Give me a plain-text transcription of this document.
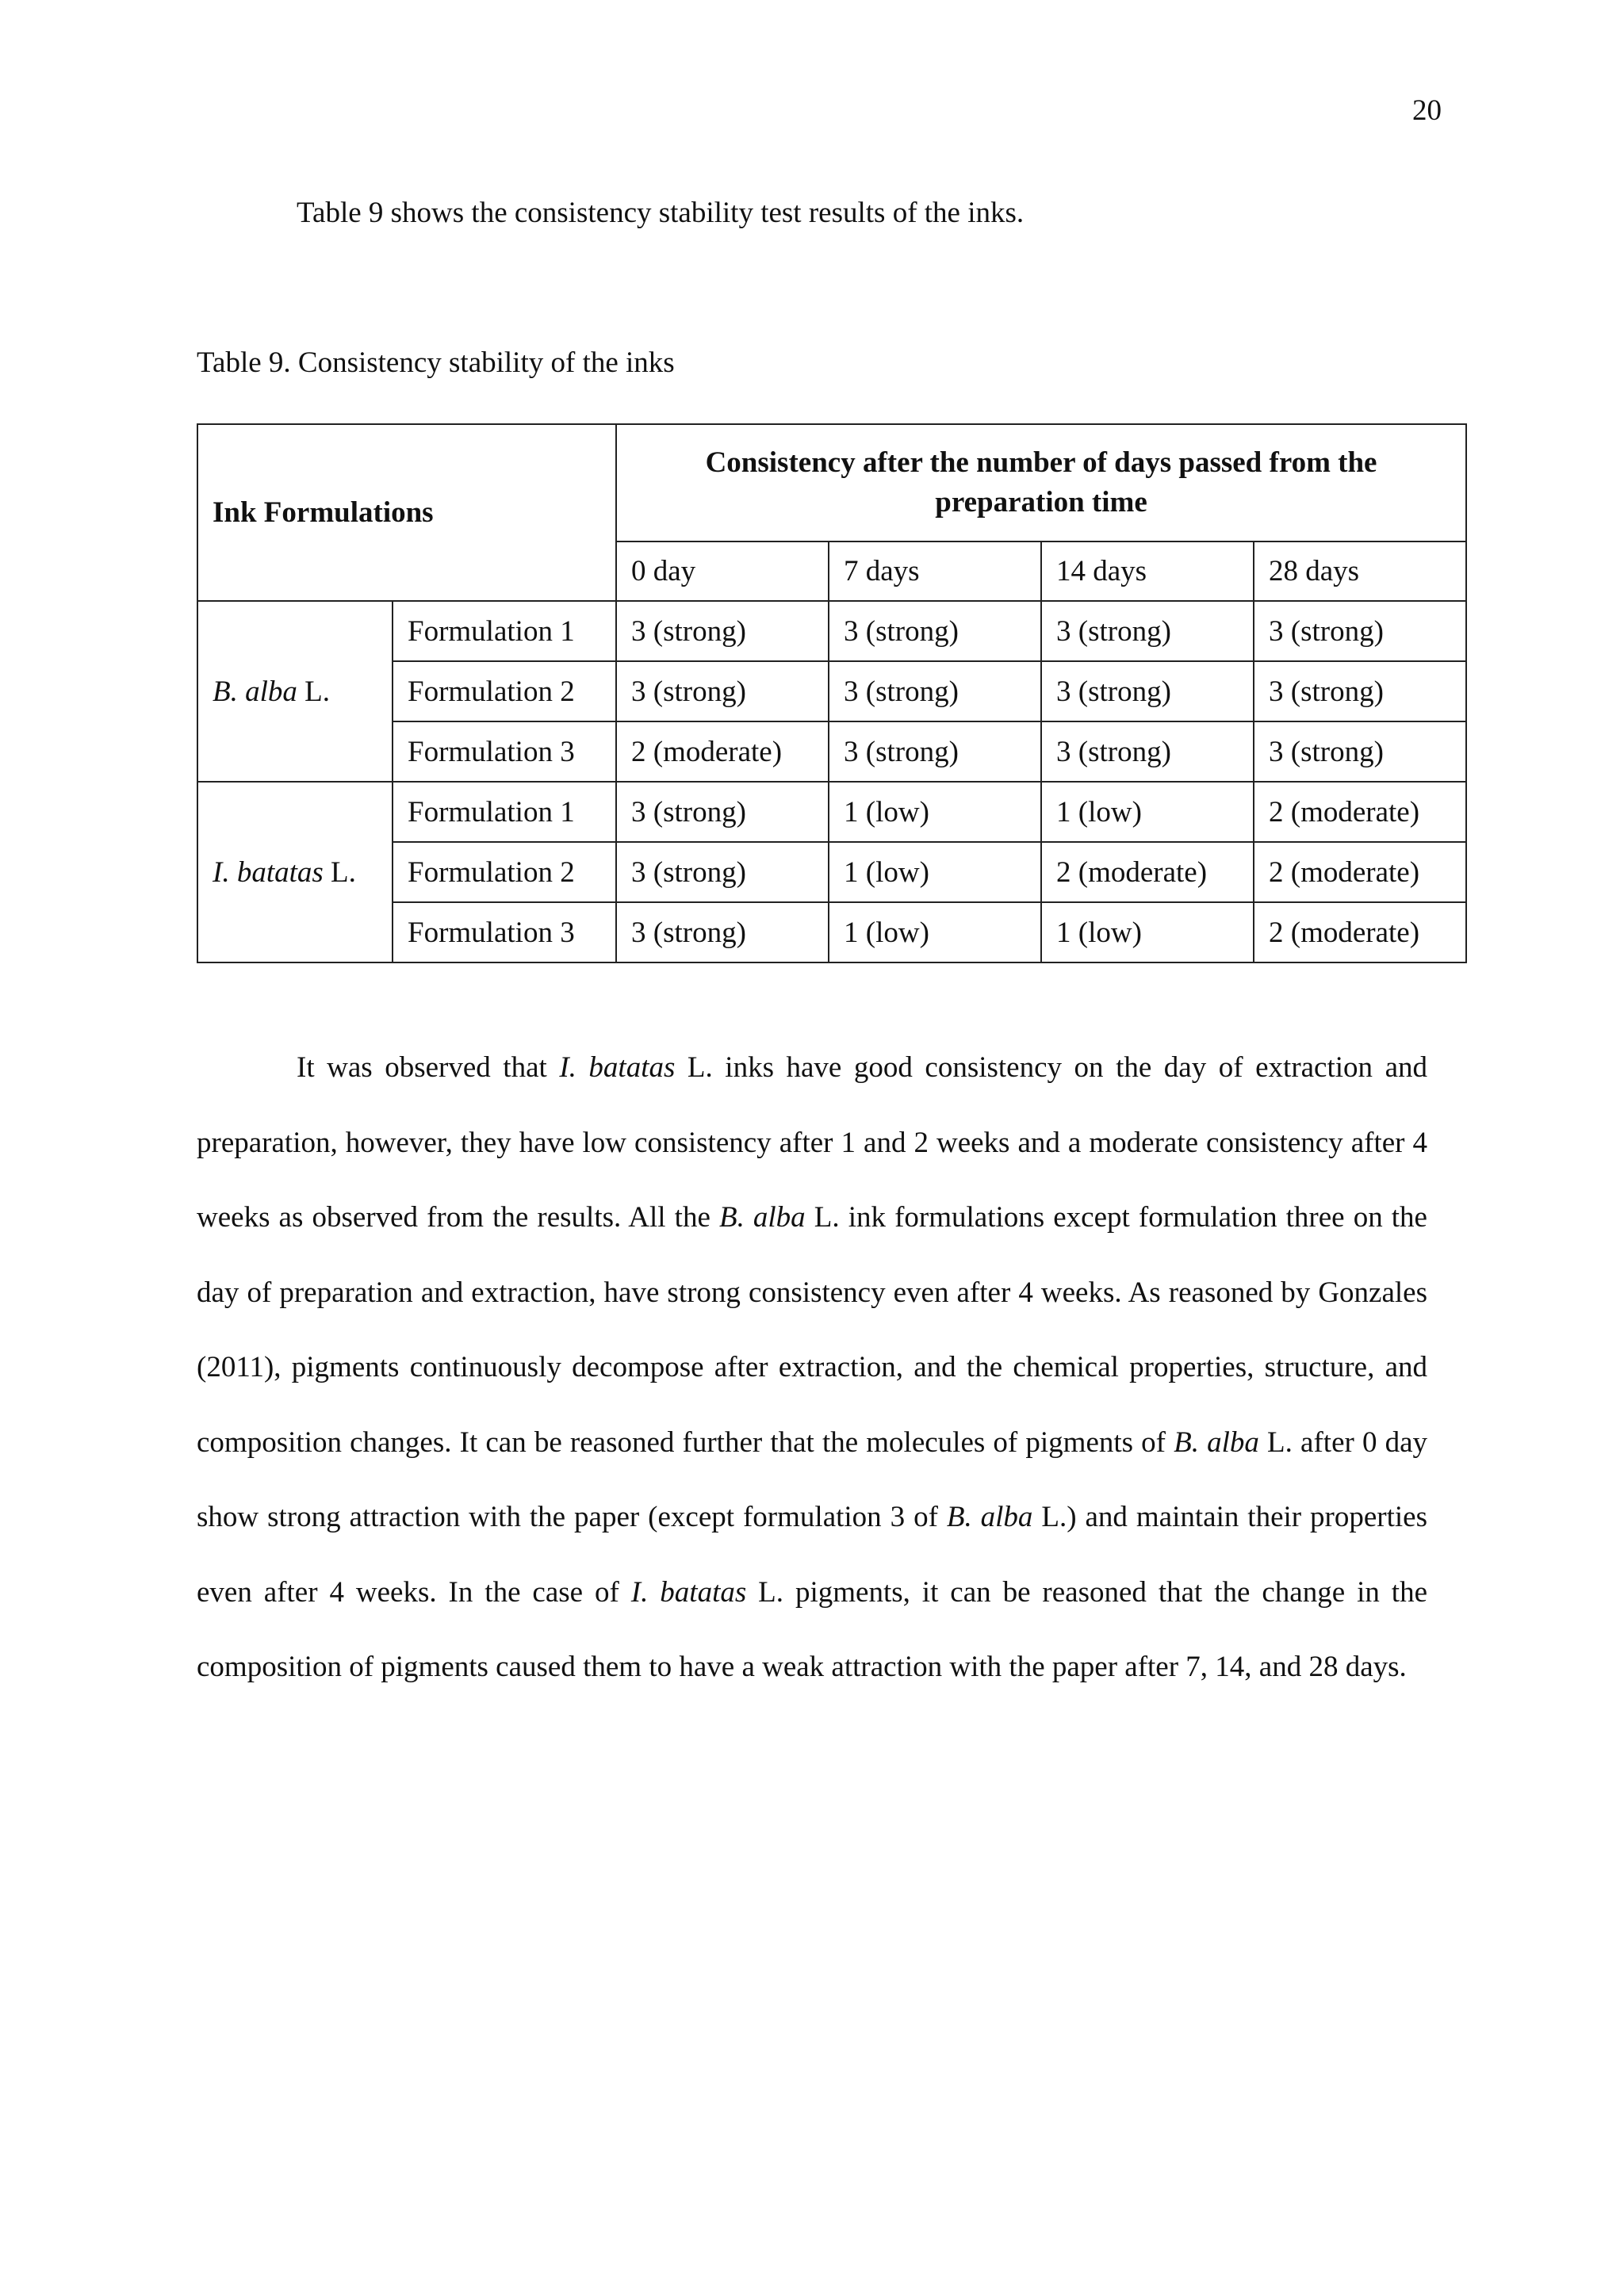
20
Table 9 shows the consistency stability test results of the inks.
Table 9. Consistency stability of the inks
Ink Formulations		Consistency after the number of days passed from the preparation time			
		0 day	7 days	14 days	28 days
B. alba L.	Formulation 1	3 (strong)	3 (strong)	3 (strong)	3 (strong)
	Formulation 2	3 (strong)	3 (strong)	3 (strong)	3 (strong)
	Formulation 3	2 (moderate)	3 (strong)	3 (strong)	3 (strong)
I. batatas L.	Formulation 1	3 (strong)	1 (low)	1 (low)	2 (moderate)
	Formulation 2	3 (strong)	1 (low)	2 (moderate)	2 (moderate)
	Formulation 3	3 (strong)	1 (low)	1 (low)	2 (moderate)

It was observed that I. batatas L. inks have good consistency on the day of extraction and preparation, however, they have low consistency after 1 and 2 weeks and a moderate consistency after 4 weeks as observed from the results. All the B. alba L. ink formulations except formulation three on the day of preparation and extraction, have strong consistency even after 4 weeks. As reasoned by Gonzales (2011), pigments continuously decompose after extraction, and the chemical properties, structure, and composition changes. It can be reasoned further that the molecules of pigments of B. alba L. after 0 day show strong attraction with the paper (except formulation 3 of B. alba L.) and maintain their properties even after 4 weeks. In the case of I. batatas L. pigments, it can be reasoned that the change in the composition of pigments caused them to have a weak attraction with the paper after 7, 14, and 28 days.
